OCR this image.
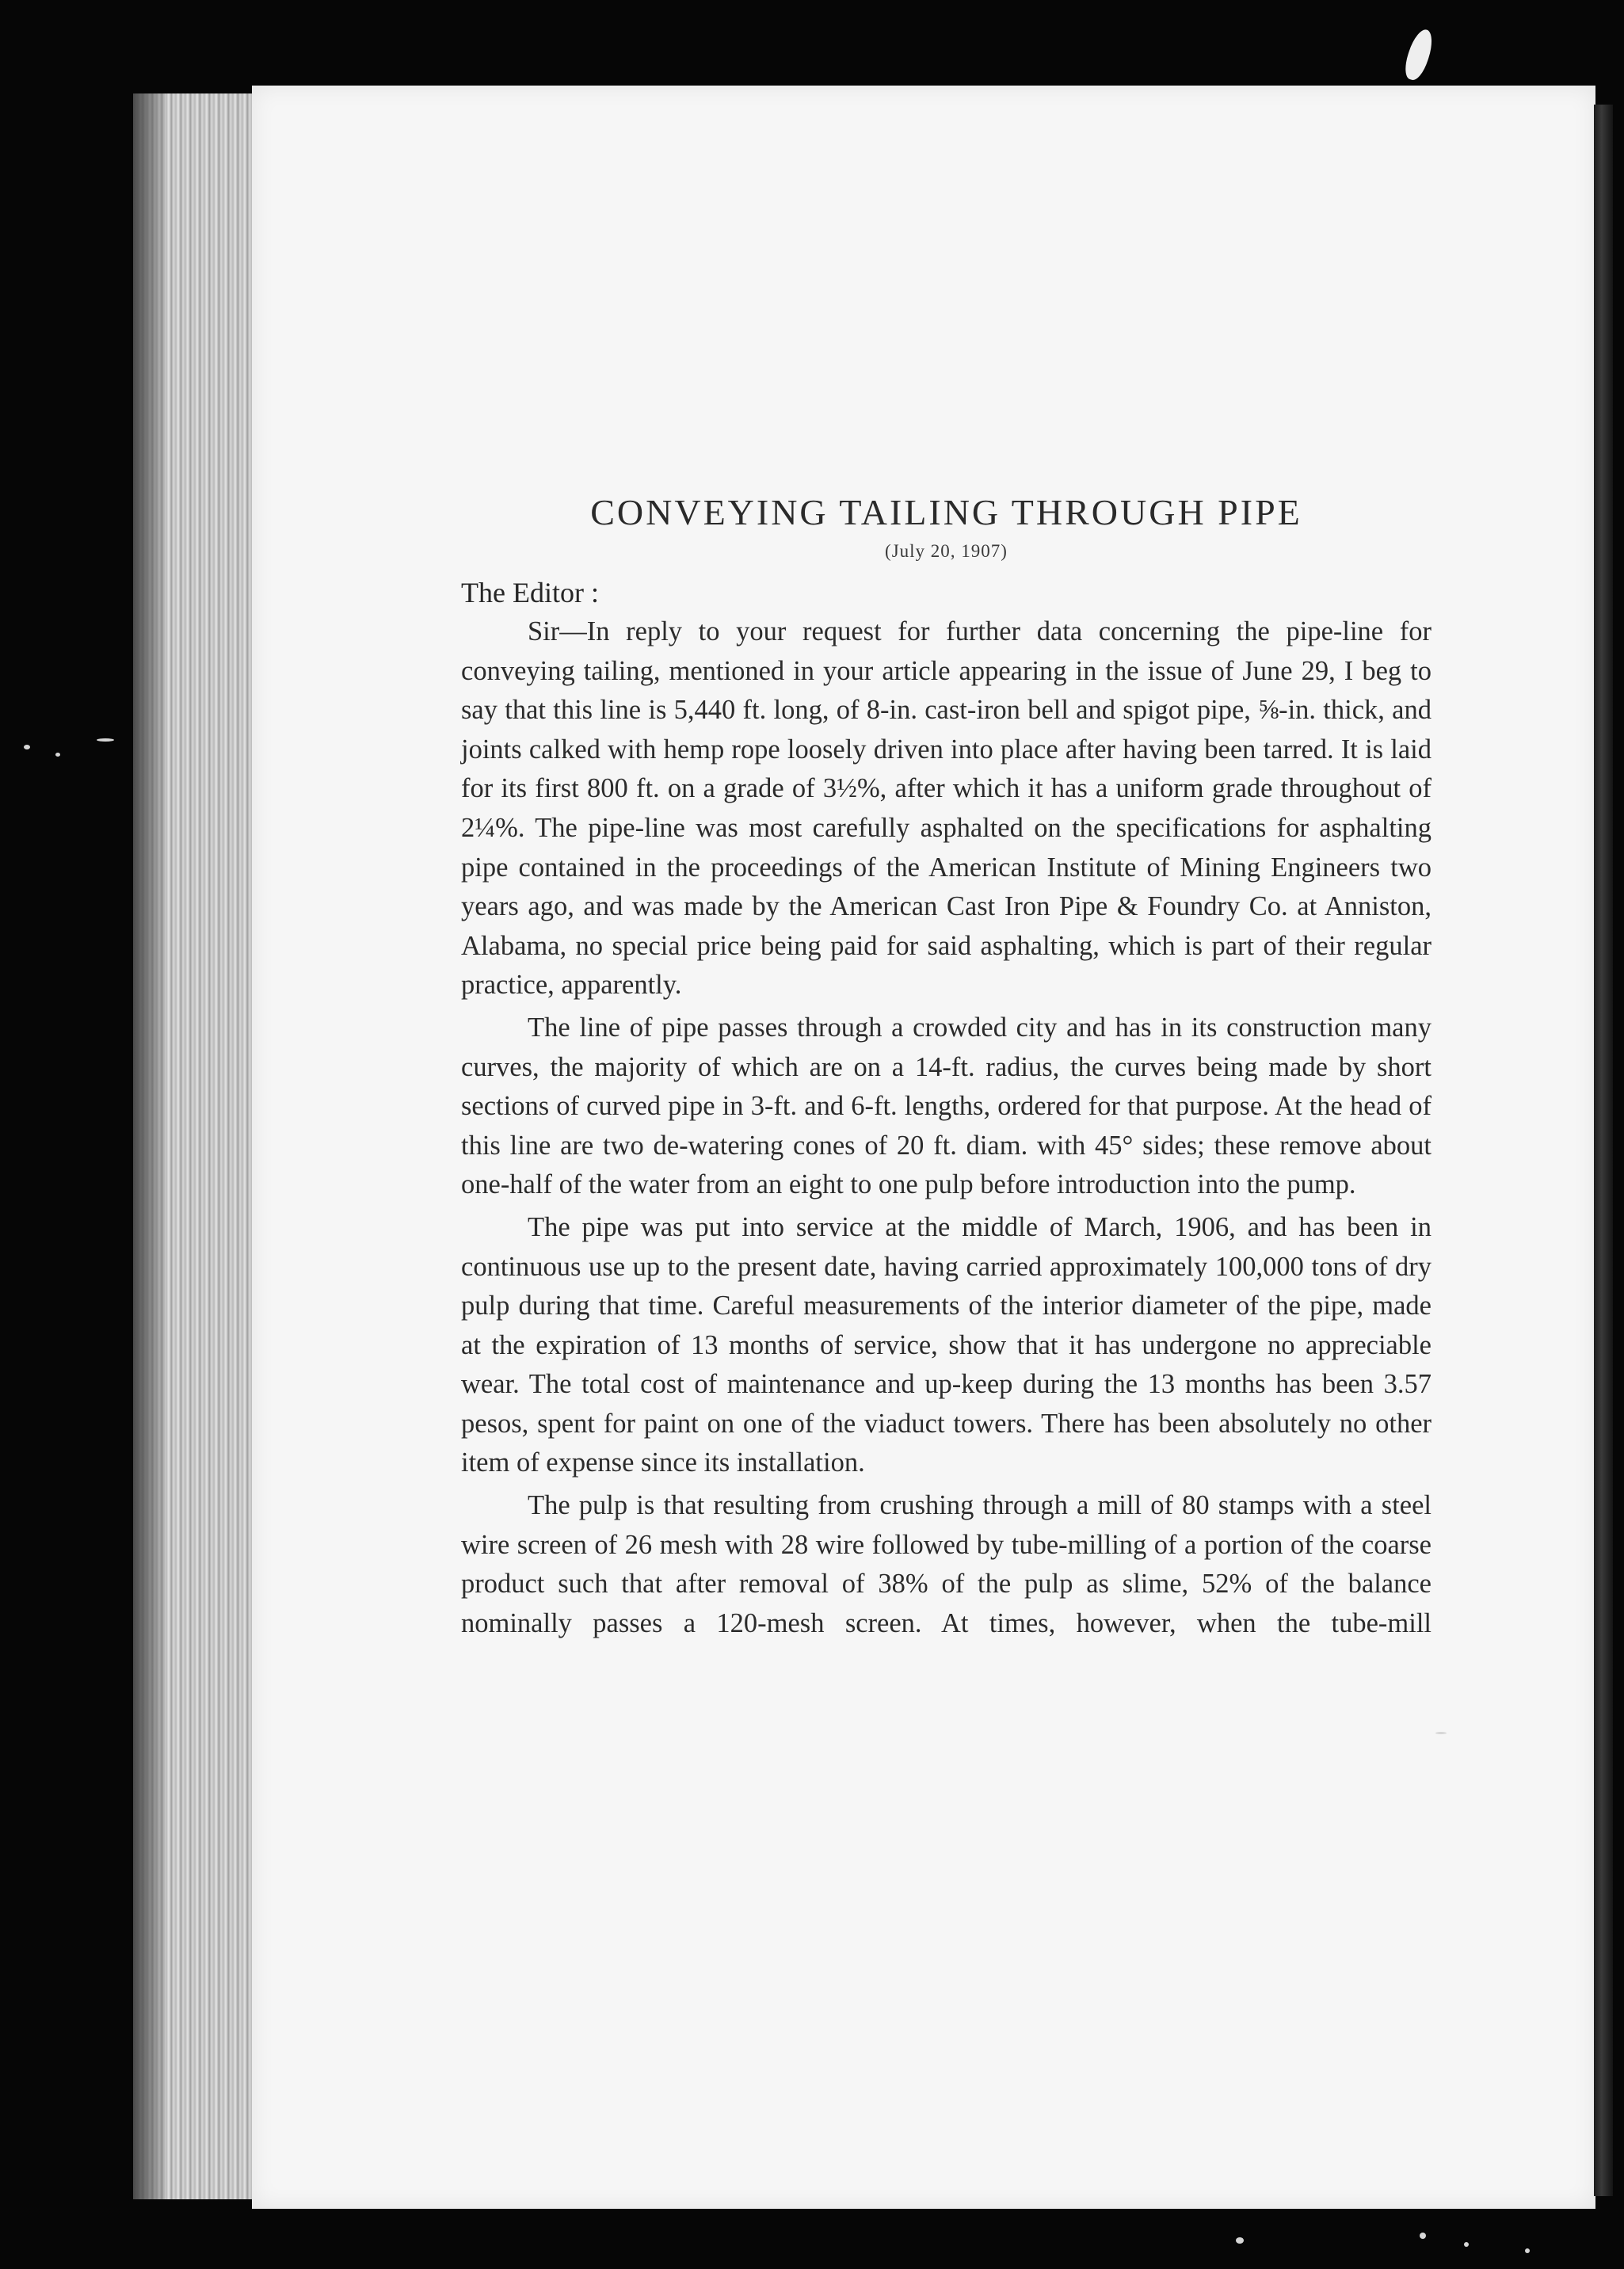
CONVEYING TAILING THROUGH PIPE
(July 20, 1907)
The Editor :

Sir—In reply to your request for further data concerning the pipe-line for conveying tailing, mentioned in your article appearing in the issue of June 29, I beg to say that this line is 5,440 ft. long, of 8-in. cast-iron bell and spigot pipe, ⅝-in. thick, and joints calked with hemp rope loosely driven into place after having been tarred. It is laid for its first 800 ft. on a grade of 3½%, after which it has a uniform grade throughout of 2¼%. The pipe-line was most carefully asphalted on the specifications for asphalting pipe contained in the proceedings of the American Institute of Mining Engineers two years ago, and was made by the American Cast Iron Pipe & Foundry Co. at Anniston, Alabama, no special price being paid for said asphalting, which is part of their regular practice, apparently.

The line of pipe passes through a crowded city and has in its construction many curves, the majority of which are on a 14-ft. radius, the curves being made by short sections of curved pipe in 3-ft. and 6-ft. lengths, ordered for that purpose. At the head of this line are two de-watering cones of 20 ft. diam. with 45° sides; these remove about one-half of the water from an eight to one pulp before introduction into the pump.

The pipe was put into service at the middle of March, 1906, and has been in continuous use up to the present date, having carried approximately 100,000 tons of dry pulp during that time. Careful measurements of the interior diameter of the pipe, made at the expiration of 13 months of service, show that it has undergone no appreciable wear. The total cost of maintenance and up-keep during the 13 months has been 3.57 pesos, spent for paint on one of the viaduct towers. There has been absolutely no other item of expense since its installation.

The pulp is that resulting from crushing through a mill of 80 stamps with a steel wire screen of 26 mesh with 28 wire followed by tube-milling of a portion of the coarse product such that after removal of 38% of the pulp as slime, 52% of the balance nominally passes a 120-mesh screen. At times, however, when the tube-mill
